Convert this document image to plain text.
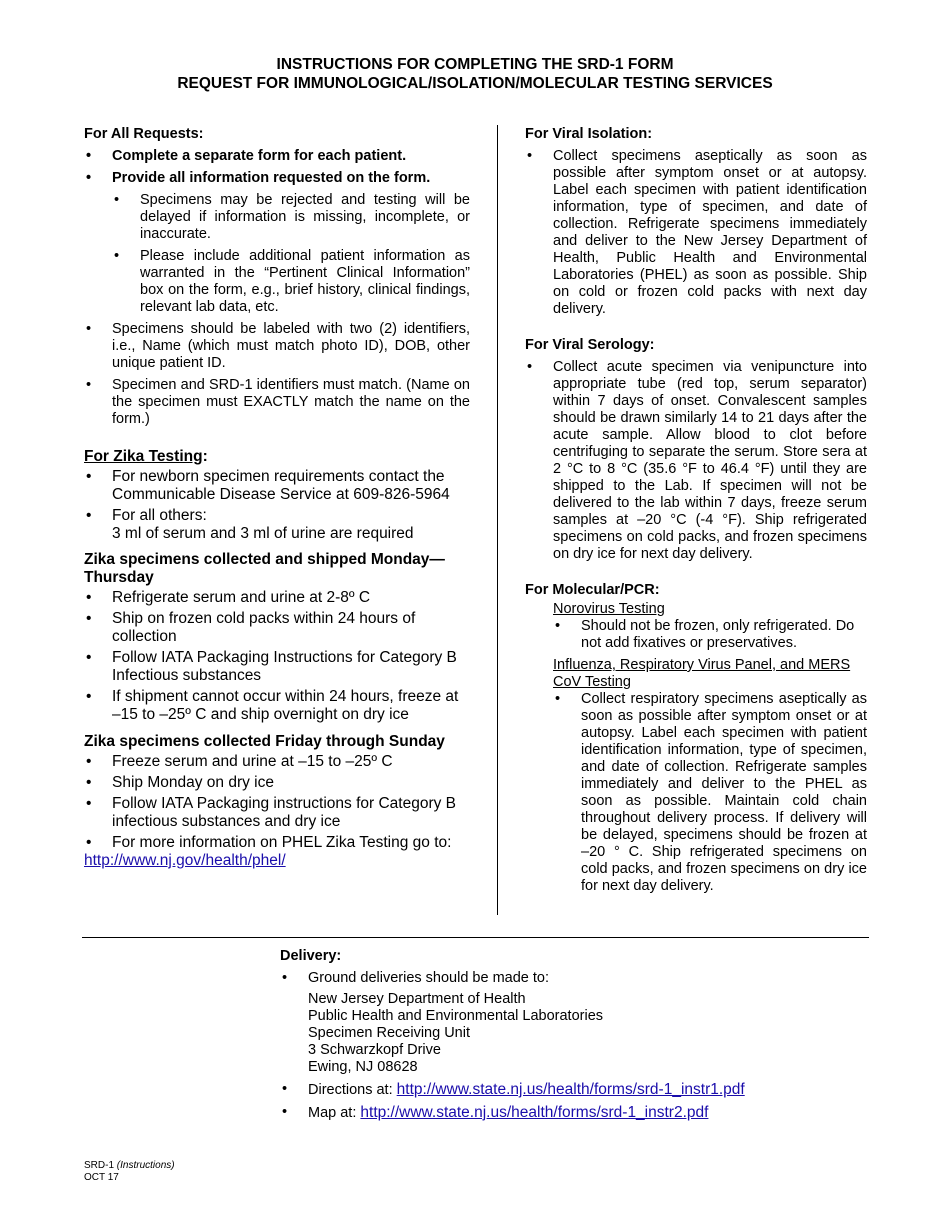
INSTRUCTIONS FOR COMPLETING THE SRD-1 FORM
REQUEST FOR IMMUNOLOGICAL/ISOLATION/MOLECULAR TESTING SERVICES
For All Requests:
• Complete a separate form for each patient.
• Provide all information requested on the form.
• Specimens may be rejected and testing will be delayed if information is missing, incomplete, or inaccurate.
• Please include additional patient information as warranted in the “Pertinent Clinical Information” box on the form, e.g., brief history, clinical findings, relevant lab data, etc.
• Specimens should be labeled with two (2) identifiers, i.e., Name (which must match photo ID), DOB, other unique patient ID.
• Specimen and SRD-1 identifiers must match. (Name on the specimen must EXACTLY match the name on the form.)
For Zika Testing:
• For newborn specimen requirements contact the Communicable Disease Service at 609-826-5964
• For all others:
3 ml of serum and 3 ml of urine are required
Zika specimens collected and shipped Monday—Thursday
• Refrigerate serum and urine at 2-8º C
• Ship on frozen cold packs within 24 hours of collection
• Follow IATA Packaging Instructions for Category B Infectious substances
• If shipment cannot occur within 24 hours, freeze at –15 to –25º C and ship overnight on dry ice
Zika specimens collected Friday through Sunday
• Freeze serum and urine at –15 to –25º C
• Ship Monday on dry ice
• Follow IATA Packaging instructions for Category B infectious substances and dry ice
• For more information on PHEL Zika Testing go to:
http://www.nj.gov/health/phel/
For Viral Isolation:
• Collect specimens aseptically as soon as possible after symptom onset or at autopsy. Label each specimen with patient identification information, type of specimen, and date of collection. Refrigerate specimens immediately and deliver to the New Jersey Department of Health, Public Health and Environmental Laboratories (PHEL) as soon as possible. Ship on cold or frozen cold packs with next day delivery.
For Viral Serology:
• Collect acute specimen via venipuncture into appropriate tube (red top, serum separator) within 7 days of onset. Convalescent samples should be drawn similarly 14 to 21 days after the acute sample. Allow blood to clot before centrifuging to separate the serum. Store sera at 2 °C to 8 °C (35.6 °F to 46.4 °F) until they are shipped to the Lab. If specimen will not be delivered to the lab within 7 days, freeze serum samples at –20 °C (-4 °F). Ship refrigerated specimens on cold packs, and frozen specimens on dry ice for next day delivery.
For Molecular/PCR:
Norovirus Testing
• Should not be frozen, only refrigerated. Do not add fixatives or preservatives.
Influenza, Respiratory Virus Panel, and MERS CoV Testing
• Collect respiratory specimens aseptically as soon as possible after symptom onset or at autopsy. Label each specimen with patient identification information, type of specimen, and date of collection. Refrigerate samples immediately and deliver to the PHEL as soon as possible. Maintain cold chain throughout delivery process. If delivery will be delayed, specimens should be frozen at –20 ° C. Ship refrigerated specimens on cold packs, and frozen specimens on dry ice for next day delivery.
Delivery:
• Ground deliveries should be made to:
New Jersey Department of Health
Public Health and Environmental Laboratories
Specimen Receiving Unit
3 Schwarzkopf Drive
Ewing, NJ 08628
• Directions at: http://www.state.nj.us/health/forms/srd-1_instr1.pdf
• Map at: http://www.state.nj.us/health/forms/srd-1_instr2.pdf
SRD-1 (Instructions)
OCT 17
